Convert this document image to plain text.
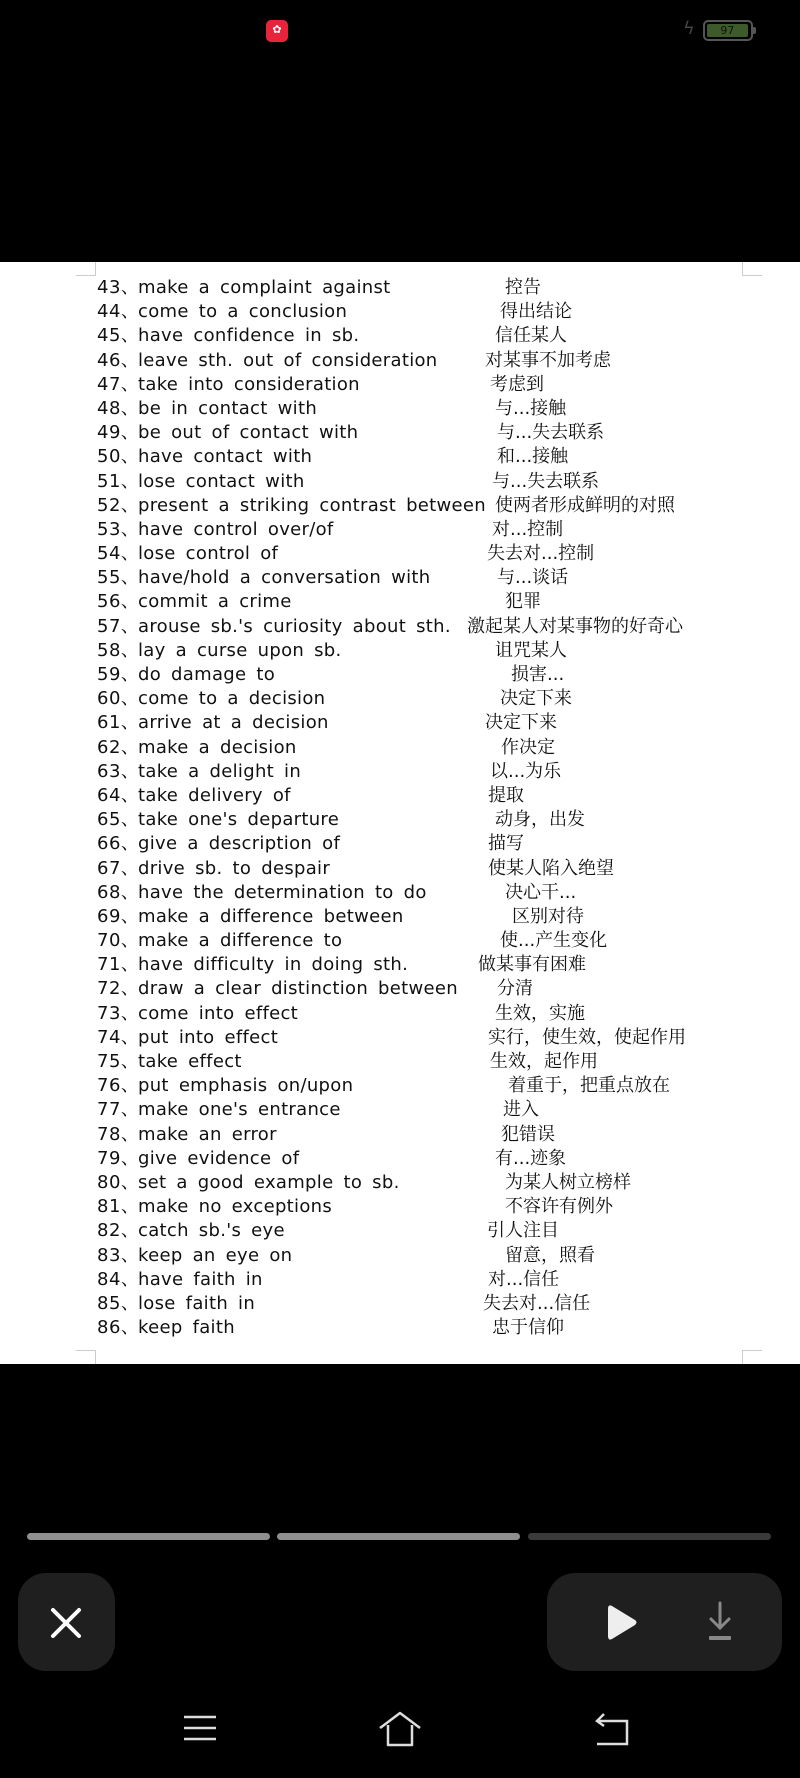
✿	ϟ	97
43、make a complaint against	控告
44、come to a conclusion	得出结论
45、have confidence in sb.	信任某人
46、leave sth. out of consideration	对某事不加考虑
47、take into consideration	考虑到
48、be in contact with	与...接触
49、be out of contact with	与...失去联系
50、have contact with	和...接触
51、lose contact with	与...失去联系
52、present a striking contrast between 使两者形成鲜明的对照
53、have control over/of	对...控制
54、lose control of	失去对...控制
55、have/hold a conversation with	与...谈话
56、commit a crime	犯罪
57、arouse sb.'s curiosity about sth. 激起某人对某事物的好奇心
58、lay a curse upon sb.	诅咒某人
59、do damage to	损害...
60、come to a decision	决定下来
61、arrive at a decision	决定下来
62、make a decision	作决定
63、take a delight in	以...为乐
64、take delivery of	提取
65、take one's departure	动身，出发
66、give a description of	描写
67、drive sb. to despair	使某人陷入绝望
68、have the determination to do	决心干...
69、make a difference between	区别对待
70、make a difference to	使...产生变化
71、have difficulty in doing sth.	做某事有困难
72、draw a clear distinction between 分清
73、come into effect	生效，实施
74、put into effect	实行，使生效，使起作用
75、take effect	生效，起作用
76、put emphasis on/upon	着重于，把重点放在
77、make one's entrance	进入
78、make an error	犯错误
79、give evidence of	有...迹象
80、set a good example to sb.	为某人树立榜样
81、make no exceptions	不容许有例外
82、catch sb.'s eye	引人注目
83、keep an eye on	留意，照看
84、have faith in	对...信任
85、lose faith in	失去对...信任
86、keep faith	忠于信仰
